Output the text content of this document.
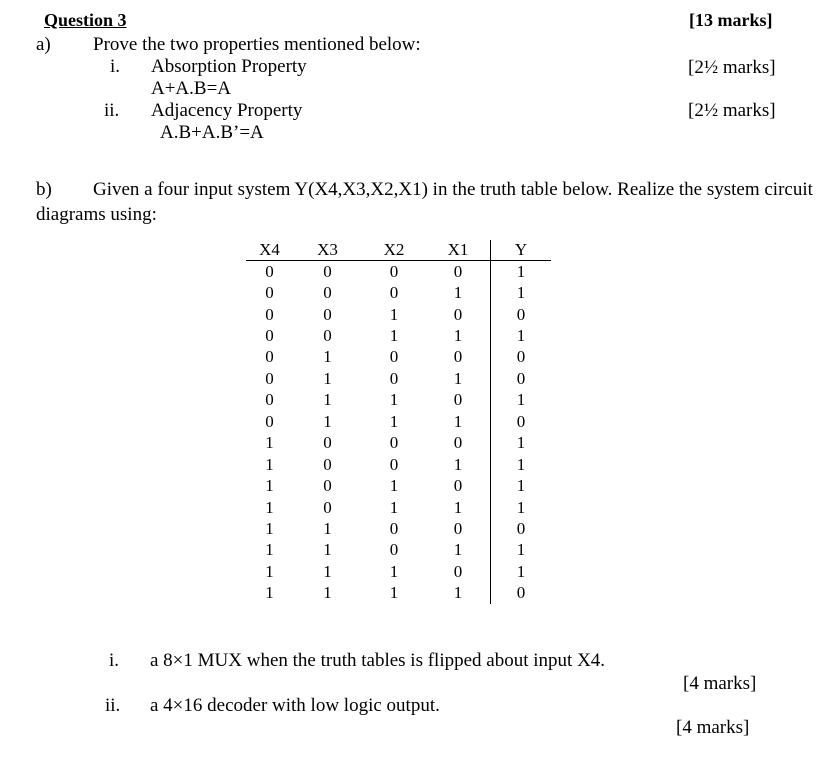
Question 3	[13 marks]
a) Prove the two properties mentioned below:
i. Absorption Property	[2½ marks]
A+A.B=A
ii. Adjacency Property	[2½ marks]
A.B+A.B’=A
b) Given a four input system Y(X4,X3,X2,X1) in the truth table below. Realize the system circuit
diagrams using:
X4	X3	X2	X1	Y
0	0	0	0	1
0	0	0	1	1
0	0	1	0	0
0	0	1	1	1
0	1	0	0	0
0	1	0	1	0
0	1	1	0	1
0	1	1	1	0
1	0	0	0	1
1	0	0	1	1
1	0	1	0	1
1	0	1	1	1
1	1	0	0	0
1	1	0	1	1
1	1	1	0	1
1	1	1	1	0
i. a 8×1 MUX when the truth tables is flipped about input X4.
[4 marks]
ii. a 4×16 decoder with low logic output.
[4 marks]
